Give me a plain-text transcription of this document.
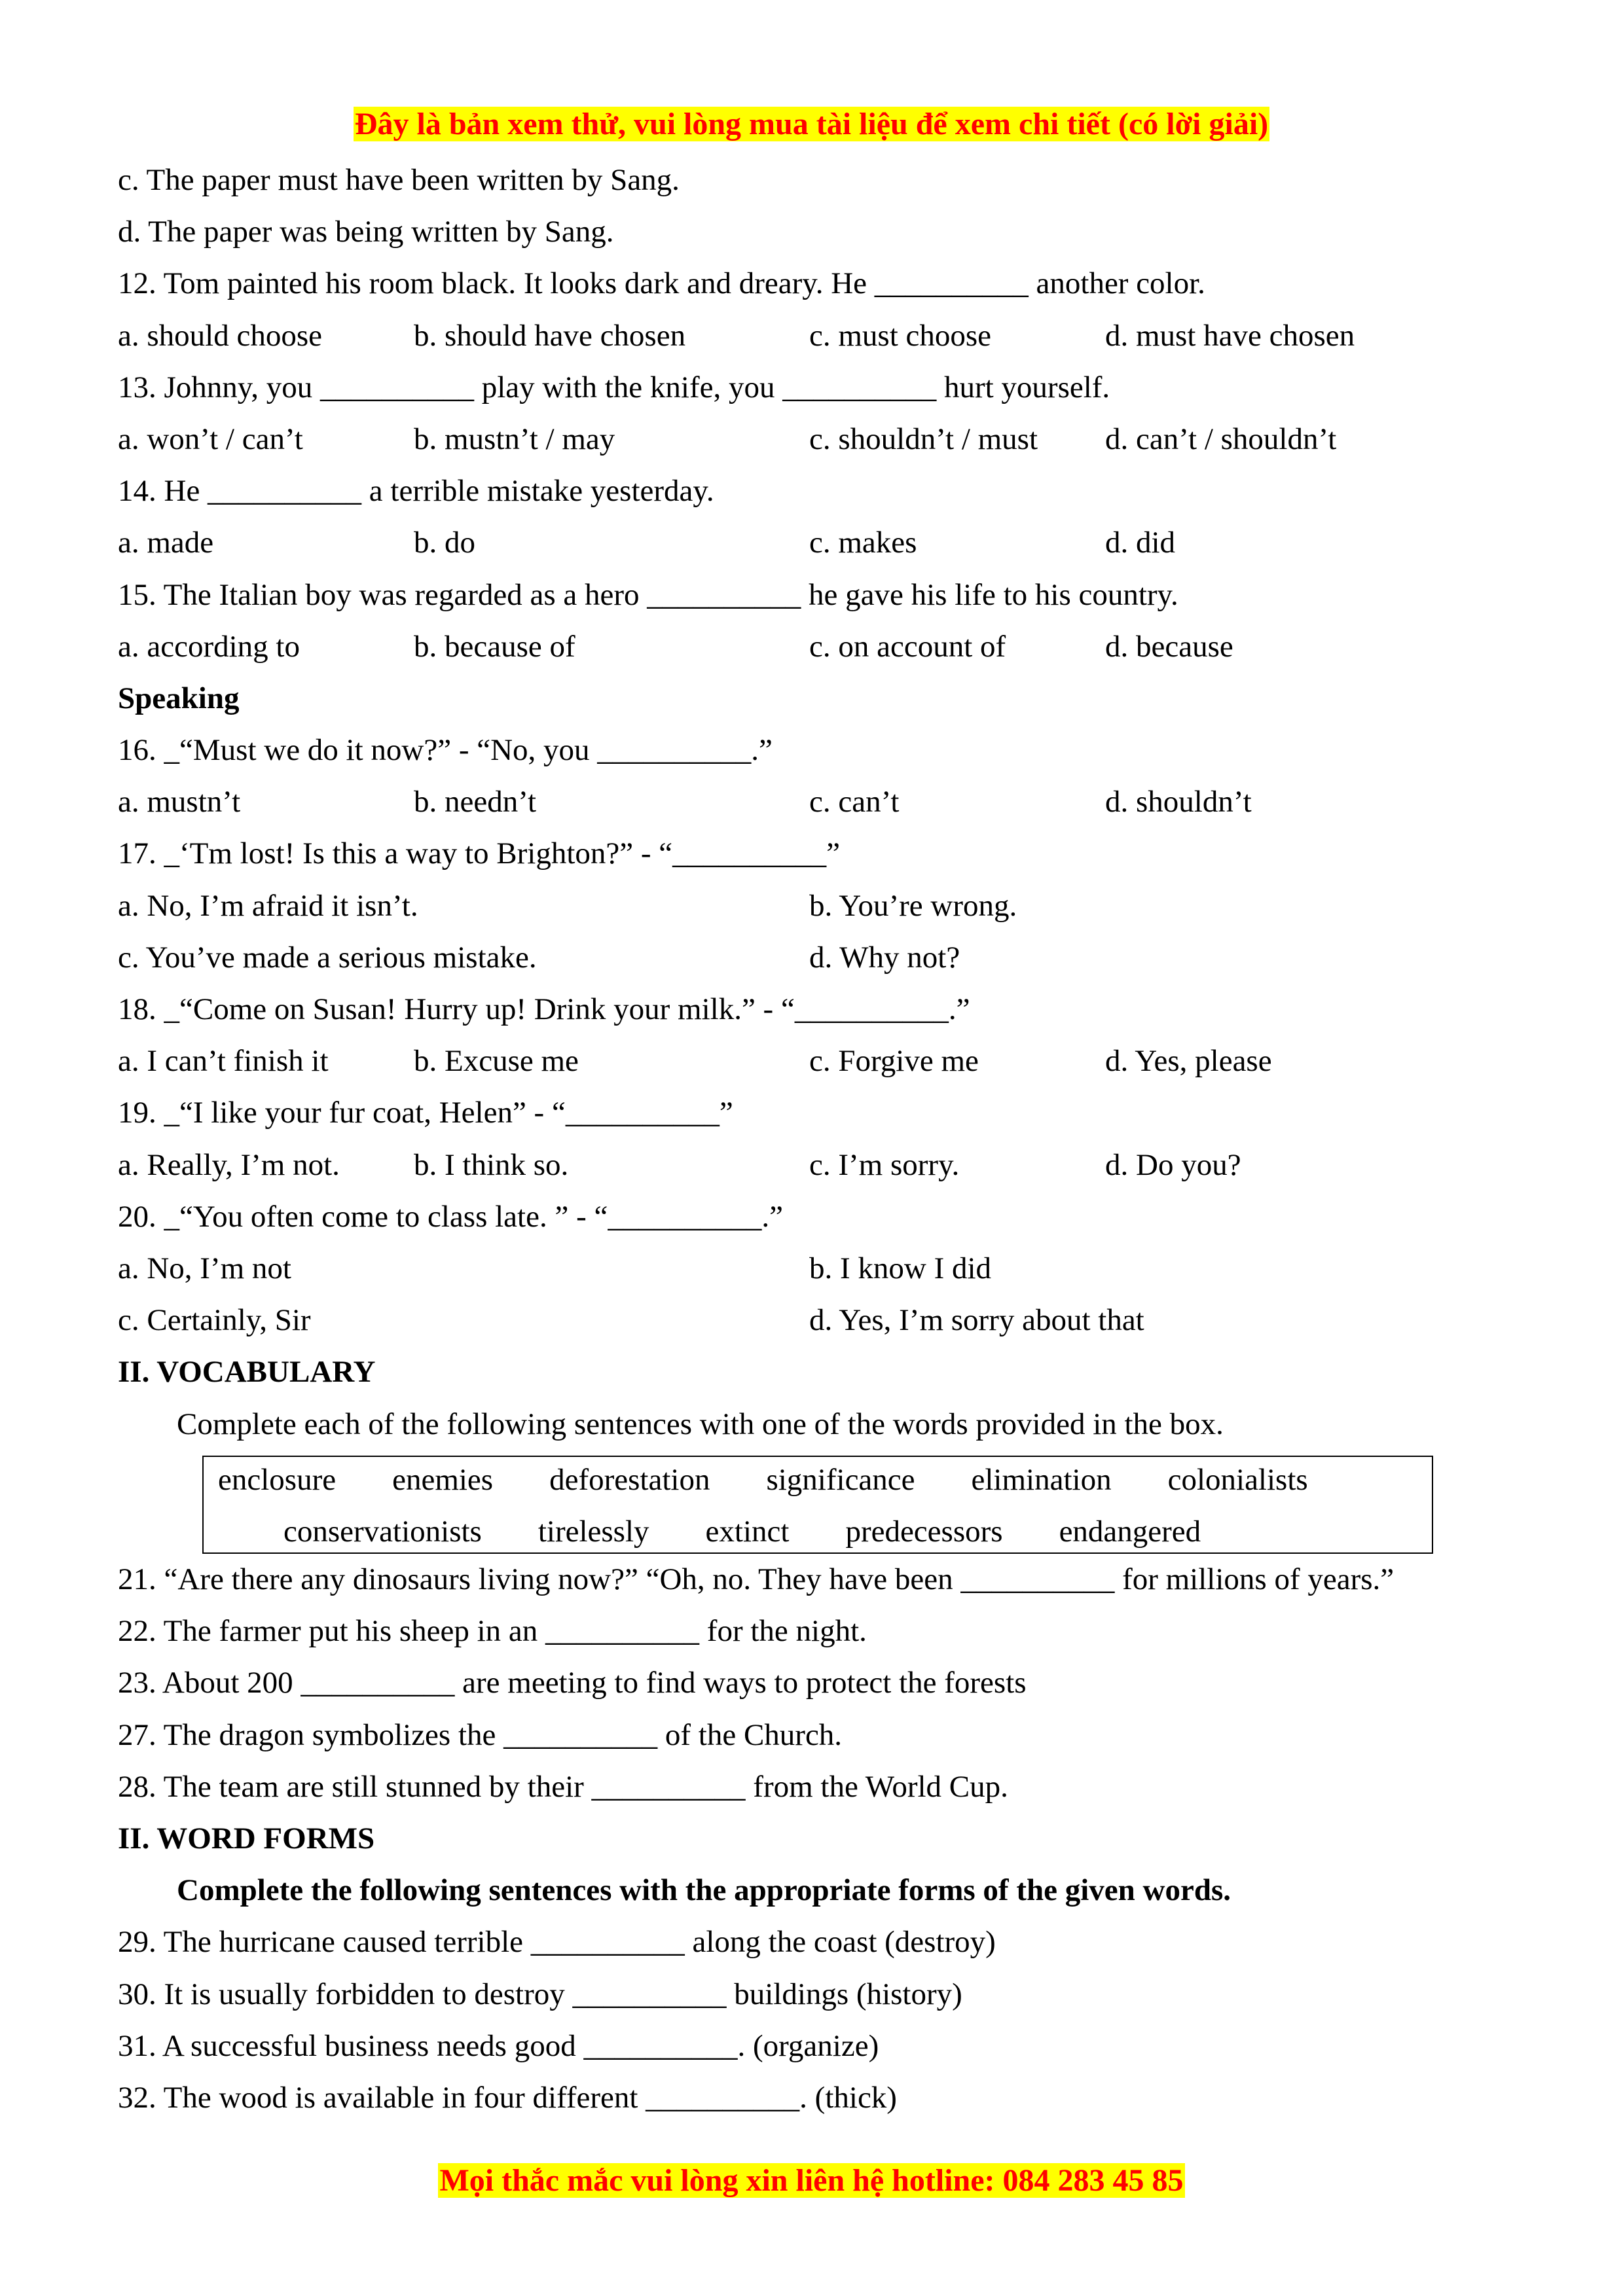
Đây là bản xem thử, vui lòng mua tài liệu để xem chi tiết (có lời giải)
c. The paper must have been written by Sang.
d. The paper was being written by Sang.
12. Tom painted his room black. It looks dark and dreary. He __________ another color.
a. should choose	b. should have chosen	c. must choose	d. must have chosen
13. Johnny, you __________ play with the knife, you __________ hurt yourself.
a. won’t / can’t	b. mustn’t / may	c. shouldn’t / must	d. can’t / shouldn’t
14. He __________ a terrible mistake yesterday.
a. made	b. do	c. makes	d. did
15. The Italian boy was regarded as a hero __________ he gave his life to his country.
a. according to	b. because of	c. on account of	d. because
Speaking
16. _“Must we do it now?” - “No, you __________.”
a. mustn’t	b. needn’t	c. can’t	d. shouldn’t
17. _‘Tm lost! Is this a way to Brighton?” - “__________”
a. No, I’m afraid it isn’t.	b. You’re wrong.
c. You’ve made a serious mistake.	d. Why not?
18. _“Come on Susan! Hurry up! Drink your milk.” - “__________.”
a. I can’t finish it	b. Excuse me	c. Forgive me	d. Yes, please
19. _“I like your fur coat, Helen” - “__________”
a. Really, I’m not.	b. I think so.	c. I’m sorry.	d. Do you?
20. _“You often come to class late. ” - “__________.”
a. No, I’m not	b. I know I did
c. Certainly, Sir	d. Yes, I’m sorry about that
II. VOCABULARY
Complete each of the following sentences with one of the words provided in the box.
enclosure enemies deforestation significance elimination colonialists
conservationists tirelessly extinct predecessors endangered
21. “Are there any dinosaurs living now?” “Oh, no. They have been __________ for millions of years.”
22. The farmer put his sheep in an __________ for the night.
23. About 200 __________ are meeting to find ways to protect the forests
27. The dragon symbolizes the __________ of the Church.
28. The team are still stunned by their __________ from the World Cup.
II. WORD FORMS
Complete the following sentences with the appropriate forms of the given words.
29. The hurricane caused terrible __________ along the coast (destroy)
30. It is usually forbidden to destroy __________ buildings (history)
31. A successful business needs good __________. (organize)
32. The wood is available in four different __________. (thick)
Mọi thắc mắc vui lòng xin liên hệ hotline: 084 283 45 85
